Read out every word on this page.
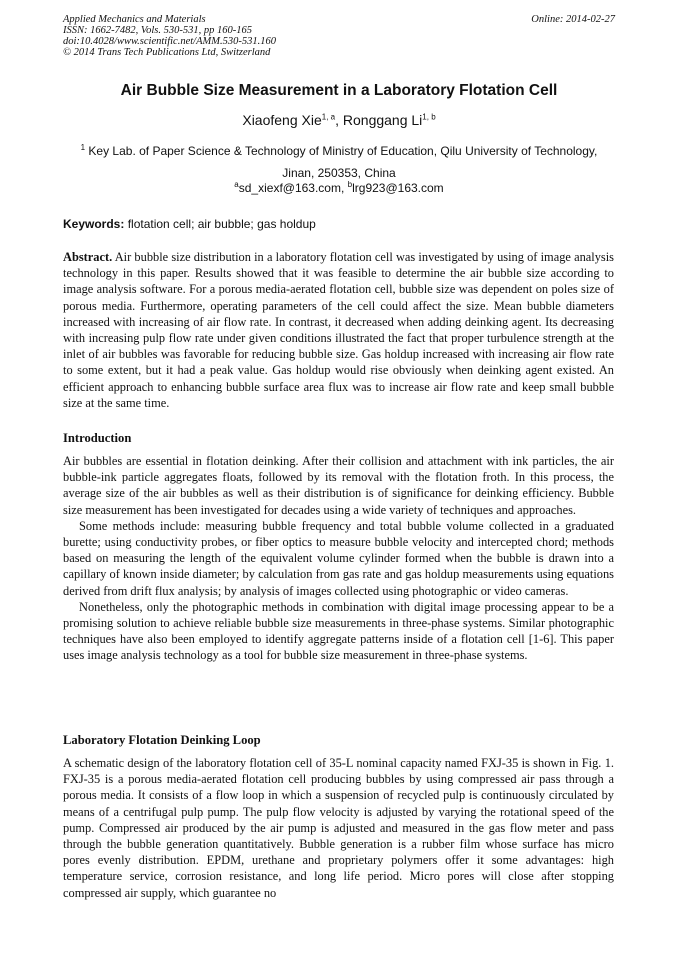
Applied Mechanics and Materials
ISSN: 1662-7482, Vols. 530-531, pp 160-165
doi:10.4028/www.scientific.net/AMM.530-531.160
© 2014 Trans Tech Publications Ltd, Switzerland
Online: 2014-02-27
Air Bubble Size Measurement in a Laboratory Flotation Cell
Xiaofeng Xie$^{1, a}$, Ronggang Li$^{1, b}$
$^1$ Key Lab. of Paper Science & Technology of Ministry of Education, Qilu University of Technology, Jinan, 250353, China
$^a$sd_xiexf@163.com, $^b$lrg923@163.com
Keywords: flotation cell; air bubble; gas holdup

Abstract. Air bubble size distribution in a laboratory flotation cell was investigated by using of image analysis technology in this paper. Results showed that it was feasible to determine the air bubble size according to image analysis software. For a porous media-aerated flotation cell, bubble size was dependent on poles size of porous media. Furthermore, operating parameters of the cell could affect the size. Mean bubble diameters increased with increasing of air flow rate. In contrast, it decreased when adding deinking agent. Its decreasing with increasing pulp flow rate under given conditions illustrated the fact that proper turbulence strength at the inlet of air bubbles was favorable for reducing bubble size. Gas holdup increased with increasing air flow rate to some extent, but it had a peak value. Gas holdup would rise obviously when deinking agent existed. An efficient approach to enhancing bubble surface area flux was to increase air flow rate and keep small bubble size at the same time.

Introduction

Air bubbles are essential in flotation deinking. After their collision and attachment with ink particles, the air bubble-ink particle aggregates floats, followed by its removal with the flotation froth. In this process, the average size of the air bubbles as well as their distribution is of significance for deinking efficiency. Bubble size measurement has been investigated for decades using a wide variety of techniques and approaches.

Some methods include: measuring bubble frequency and total bubble volume collected in a graduated burette; using conductivity probes, or fiber optics to measure bubble velocity and intercepted chord; methods based on measuring the length of the equivalent volume cylinder formed when the bubble is drawn into a capillary of known inside diameter; by calculation from gas rate and gas holdup measurements using equations derived from drift flux analysis; by analysis of images collected using photographic or video cameras.

Nonetheless, only the photographic methods in combination with digital image processing appear to be a promising solution to achieve reliable bubble size measurements in three-phase systems. Similar photographic techniques have also been employed to identify aggregate patterns inside of a flotation cell [1-6]. This paper uses image analysis technology as a tool for bubble size measurement in three-phase systems.

Laboratory Flotation Deinking Loop

A schematic design of the laboratory flotation cell of 35-L nominal capacity named FXJ-35 is shown in Fig. 1. FXJ-35 is a porous media-aerated flotation cell producing bubbles by using compressed air pass through a porous media. It consists of a flow loop in which a suspension of recycled pulp is continuously circulated by means of a centrifugal pulp pump. The pulp flow velocity is adjusted by varying the rotational speed of the pump. Compressed air produced by the air pump is adjusted and measured in the gas flow meter and pass through the bubble generation quantitatively. Bubble generation is a rubber film whose surface has micro pores evenly distribution. EPDM, urethane and proprietary polymers offer it some advantages: high temperature service, corrosion resistance, and long life period. Micro pores will close after stopping compressed air supply, which guarantee no
